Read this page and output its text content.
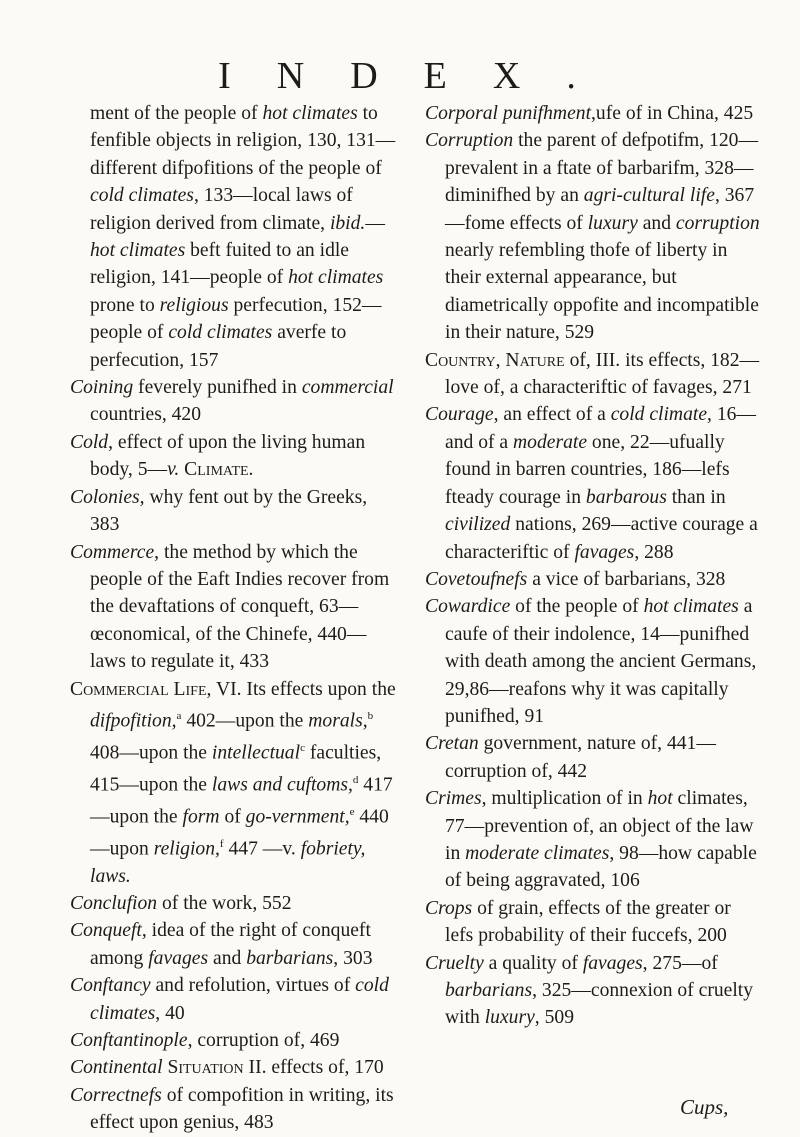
INDEX.

ment of the people of hot climates to fenfible objects in religion, 130, 131—different difpofitions of the people of cold climates, 133—local laws of religion derived from climate, ibid.—hot climates beft fuited to an idle religion, 141—people of hot climates prone to religious perfecution, 152—people of cold climates averfe to perfecution, 157

Coining feverely punifhed in commercial countries, 420

Cold, effect of upon the living human body, 5—v. Climate.

Colonies, why fent out by the Greeks, 383

Commerce, the method by which the people of the Eaft Indies recover from the devaftations of conqueft, 63—œconomical, of the Chinefe, 440—laws to regulate it, 433

Commercial Life, VI. Its effects upon the difpofition,$^a$ 402—upon the morals,$^b$ 408—upon the intellectual$^c$ faculties, 415—upon the laws and cuftoms,$^d$ 417—upon the form of go-vernment,$^e$ 440—upon religion,$^f$ 447 —v. fobriety, laws.

Conclufion of the work, 552

Conqueft, idea of the right of conqueft among favages and barbarians, 303

Conftancy and refolution, virtues of cold climates, 40

Conftantinople, corruption of, 469

Continental Situation II. effects of, 170

Correctnefs of compofition in writing, its effect upon genius, 483

Corporal punifhment,ufe of in China, 425

Corruption the parent of defpotifm, 120—prevalent in a ftate of barbarifm, 328—diminifhed by an agri-cultural life, 367—fome effects of luxury and corruption nearly refembling thofe of liberty in their external appearance, but diametrically oppofite and incompatible in their nature, 529

Country, Nature of, III. its effects, 182—love of, a characteriftic of favages, 271

Courage, an effect of a cold climate, 16—and of a moderate one, 22—ufually found in barren countries, 186—lefs fteady courage in barbarous than in civilized nations, 269—active courage a characteriftic of favages, 288

Covetoufnefs a vice of barbarians, 328

Cowardice of the people of hot climates a caufe of their indolence, 14—punifhed with death among the ancient Germans, 29,86—reafons why it was capitally punifhed, 91

Cretan government, nature of, 441—corruption of, 442

Crimes, multiplication of in hot climates, 77—prevention of, an object of the law in moderate climates, 98—how capable of being aggravated, 106

Crops of grain, effects of the greater or lefs probability of their fuccefs, 200

Cruelty a quality of favages, 275—of barbarians, 325—connexion of cruelty with luxury, 509

Cups,
